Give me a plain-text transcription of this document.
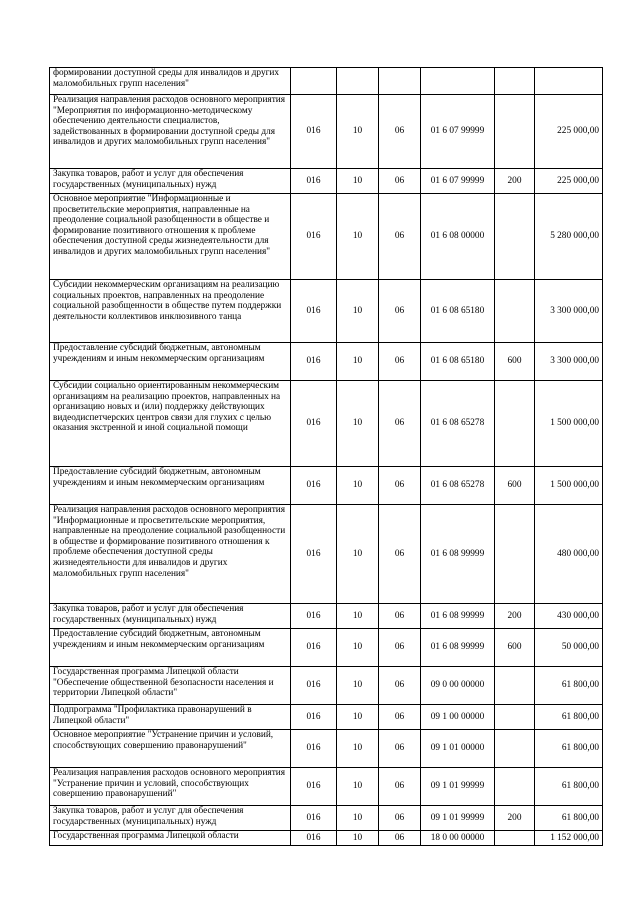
формировании доступной среды для инвалидов и других маломобильных групп населения"						
Реализация направления расходов основного мероприятия "Мероприятия по информационно-методическому обеспечению деятельности специалистов, задействованных в формировании доступной среды для инвалидов и других маломобильных групп населения"	016	10	06	01 6 07 99999		225 000,00
Закупка товаров, работ и услуг для обеспечения государственных (муниципальных) нужд	016	10	06	01 6 07 99999	200	225 000,00
Основное мероприятие "Информационные и просветительские мероприятия, направленные на преодоление социальной разобщенности в обществе и формирование позитивного отношения к проблеме обеспечения доступной среды жизнедеятельности для инвалидов и других маломобильных групп населения"	016	10	06	01 6 08 00000		5 280 000,00
Субсидии некоммерческим организациям на реализацию социальных проектов, направленных на преодоление социальной разобщенности в обществе путем поддержки деятельности коллективов инклюзивного танца	016	10	06	01 6 08 65180		3 300 000,00
Предоставление субсидий бюджетным, автономным учреждениям и иным некоммерческим организациям	016	10	06	01 6 08 65180	600	3 300 000,00
Субсидии социально ориентированным некоммерческим организациям на реализацию проектов, направленных на организацию новых и (или) поддержку действующих видеодиспетчерских центров связи для глухих с целью оказания экстренной и иной социальной помощи	016	10	06	01 6 08 65278		1 500 000,00
Предоставление субсидий бюджетным, автономным учреждениям и иным некоммерческим организациям	016	10	06	01 6 08 65278	600	1 500 000,00
Реализация направления расходов основного мероприятия "Информационные и просветительские мероприятия, направленные на преодоление социальной разобщенности в обществе и формирование позитивного отношения к проблеме обеспечения доступной среды жизнедеятельности для инвалидов и других маломобильных групп населения"	016	10	06	01 6 08 99999		480 000,00
Закупка товаров, работ и услуг для обеспечения государственных (муниципальных) нужд	016	10	06	01 6 08 99999	200	430 000,00
Предоставление субсидий бюджетным, автономным учреждениям и иным некоммерческим организациям	016	10	06	01 6 08 99999	600	50 000,00
Государственная программа Липецкой области "Обеспечение общественной безопасности населения и территории Липецкой области"	016	10	06	09 0 00 00000		61 800,00
Подпрограмма "Профилактика правонарушений в Липецкой области"	016	10	06	09 1 00 00000		61 800,00
Основное мероприятие "Устранение причин и условий, способствующих совершению правонарушений"	016	10	06	09 1 01 00000		61 800,00
Реализация направления расходов основного мероприятия "Устранение причин и условий, способствующих совершению правонарушений"	016	10	06	09 1 01 99999		61 800,00
Закупка товаров, работ и услуг для обеспечения государственных (муниципальных) нужд	016	10	06	09 1 01 99999	200	61 800,00
Государственная программа Липецкой области	016	10	06	18 0 00 00000		1 152 000,00
